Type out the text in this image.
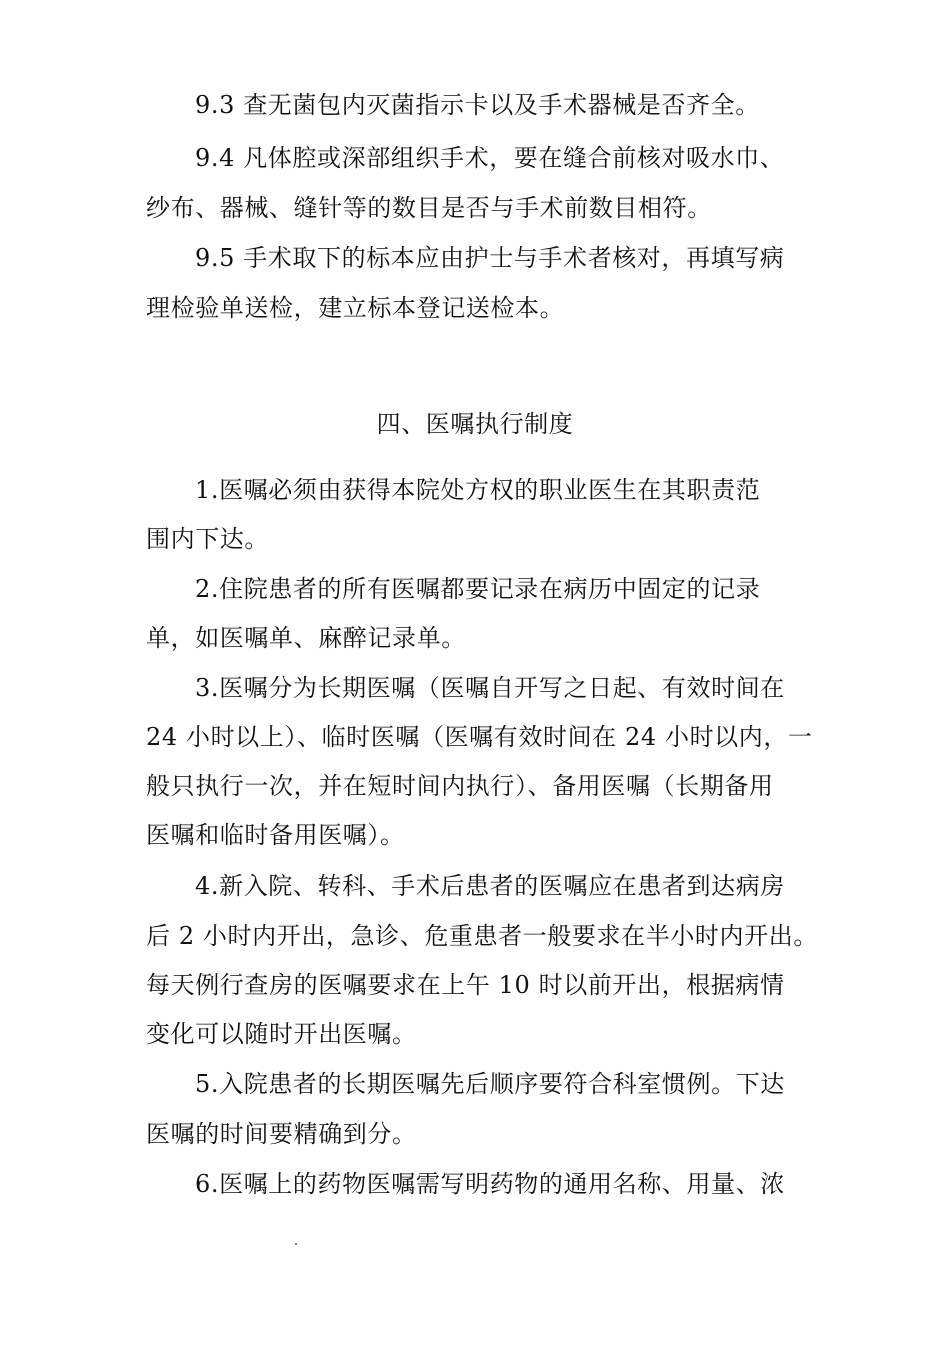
9.3 查无菌包内灭菌指示卡以及手术器械是否齐全。
9.4 凡体腔或深部组织手术，要在缝合前核对吸水巾、
纱布、器械、缝针等的数目是否与手术前数目相符。
9.5 手术取下的标本应由护士与手术者核对，再填写病
理检验单送检，建立标本登记送检本。
四、医嘱执行制度
1.医嘱必须由获得本院处方权的职业医生在其职责范
围内下达。
2.住院患者的所有医嘱都要记录在病历中固定的记录
单，如医嘱单、麻醉记录单。
3.医嘱分为长期医嘱（医嘱自开写之日起、有效时间在
24 小时以上）、临时医嘱（医嘱有效时间在 24 小时以内，一
般只执行一次，并在短时间内执行）、备用医嘱（长期备用
医嘱和临时备用医嘱）。
4.新入院、转科、手术后患者的医嘱应在患者到达病房
后 2 小时内开出，急诊、危重患者一般要求在半小时内开出。
每天例行查房的医嘱要求在上午 10 时以前开出，根据病情
变化可以随时开出医嘱。
5.入院患者的长期医嘱先后顺序要符合科室惯例。下达
医嘱的时间要精确到分。
6.医嘱上的药物医嘱需写明药物的通用名称、用量、浓
